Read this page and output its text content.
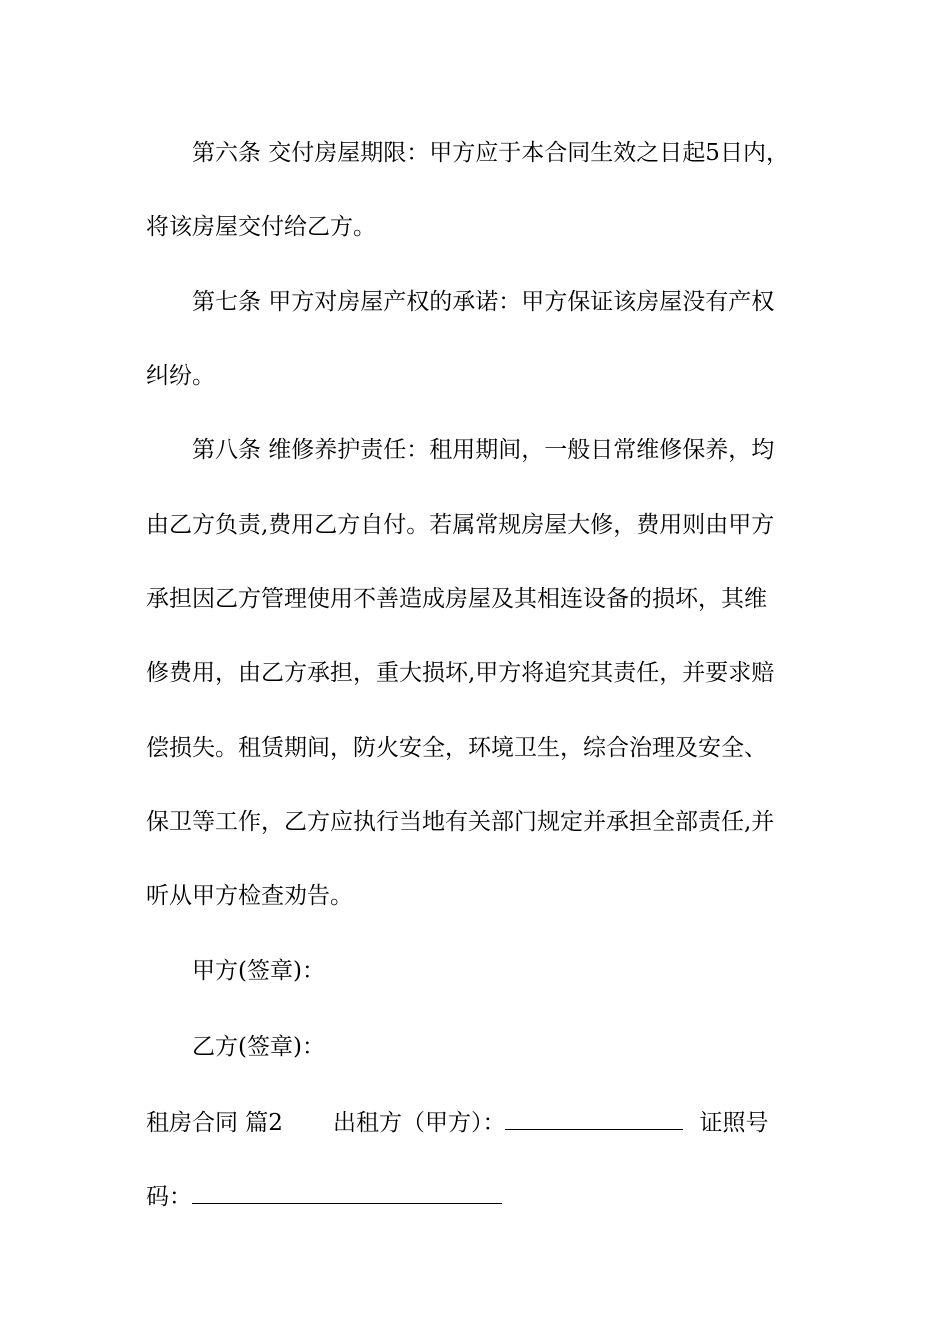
第六条 交付房屋期限：甲方应于本合同生效之日起5日内，
将该房屋交付给乙方。
第七条 甲方对房屋产权的承诺：甲方保证该房屋没有产权
纠纷。
第八条 维修养护责任：租用期间，一般日常维修保养，均
由乙方负责,费用乙方自付。若属常规房屋大修，费用则由甲方
承担因乙方管理使用不善造成房屋及其相连设备的损坏，其维
修费用，由乙方承担，重大损坏,甲方将追究其责任，并要求赔
偿损失。租赁期间，防火安全，环境卫生，综合治理及安全、
保卫等工作，乙方应执行当地有关部门规定并承担全部责任,并
听从甲方检查劝告。
甲方(签章)：
乙方(签章)：
租房合同 篇2 出租方（甲方）：	证照号
码：
